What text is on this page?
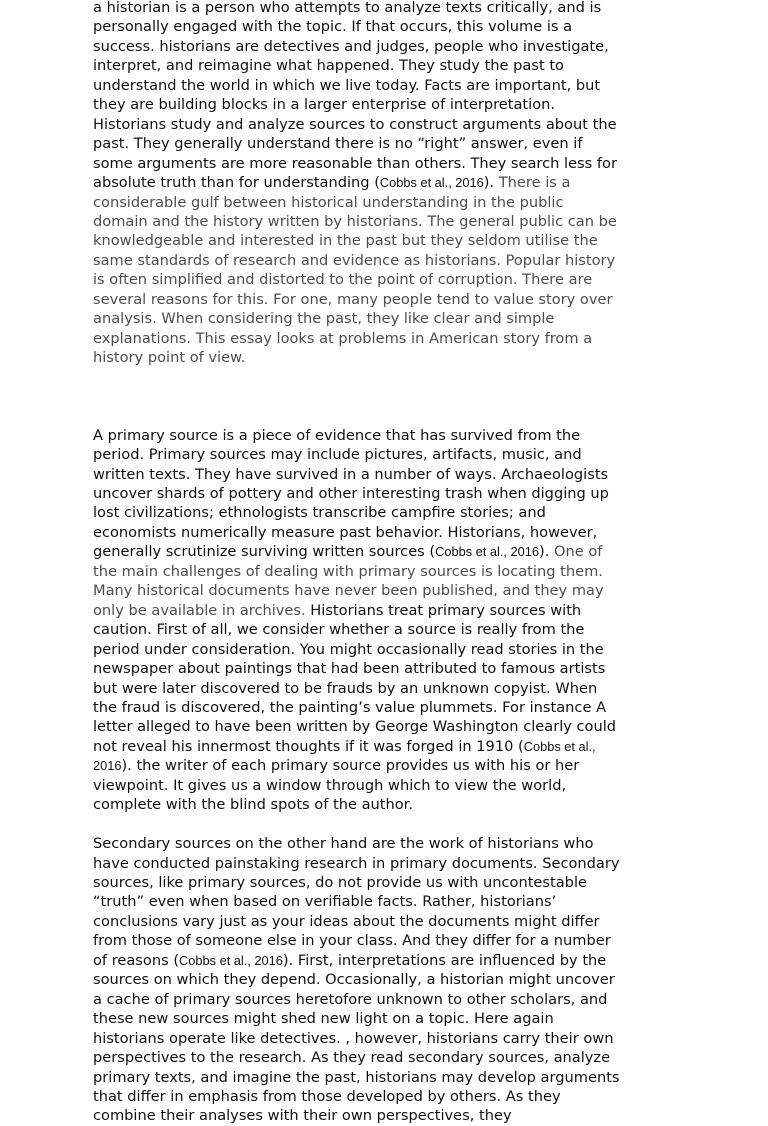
a historian is a person who attempts to analyze texts critically, and is personally engaged with the topic. If that occurs, this volume is a success. historians are detectives and judges, people who investigate, interpret, and reimagine what happened. They study the past to understand the world in which we live today. Facts are important, but they are building blocks in a larger enterprise of interpretation. Historians study and analyze sources to construct arguments about the past. They generally understand there is no “right” answer, even if some arguments are more reasonable than others. They search less for absolute truth than for understanding (Cobbs et al., 2016). There is a considerable gulf between historical understanding in the public domain and the history written by historians. The general public can be knowledgeable and interested in the past but they seldom utilise the same standards of research and evidence as historians. Popular history is often simplified and distorted to the point of corruption. There are several reasons for this. For one, many people tend to value story over analysis. When considering the past, they like clear and simple explanations. This essay looks at problems in American story from a history point of view.

A primary source is a piece of evidence that has survived from the period. Primary sources may include pictures, artifacts, music, and written texts. They have survived in a number of ways. Archaeologists uncover shards of pottery and other interesting trash when digging up lost civilizations; ethnologists transcribe campfire stories; and economists numerically measure past behavior. Historians, however, generally scrutinize surviving written sources (Cobbs et al., 2016). One of the main challenges of dealing with primary sources is locating them. Many historical documents have never been published, and they may only be available in archives. Historians treat primary sources with caution. First of all, we consider whether a source is really from the period under consideration. You might occasionally read stories in the newspaper about paintings that had been attributed to famous artists but were later discovered to be frauds by an unknown copyist. When the fraud is discovered, the painting’s value plummets. For instance A letter alleged to have been written by George Washington clearly could not reveal his innermost thoughts if it was forged in 1910 (Cobbs et al., 2016). the writer of each primary source provides us with his or her viewpoint. It gives us a window through which to view the world, complete with the blind spots of the author.

Secondary sources on the other hand are the work of historians who have conducted painstaking research in primary documents. Secondary sources, like primary sources, do not provide us with uncontestable “truth” even when based on verifiable facts. Rather, historians’ conclusions vary just as your ideas about the documents might differ from those of someone else in your class. And they differ for a number of reasons (Cobbs et al., 2016). First, interpretations are influenced by the sources on which they depend. Occasionally, a historian might uncover a cache of primary sources heretofore unknown to other scholars, and these new sources might shed new light on a topic. Here again historians operate like detectives. , however, historians carry their own perspectives to the research. As they read secondary sources, analyze primary texts, and imagine the past, historians may develop arguments that differ in emphasis from those developed by others. As they combine their analyses with their own perspectives, they
